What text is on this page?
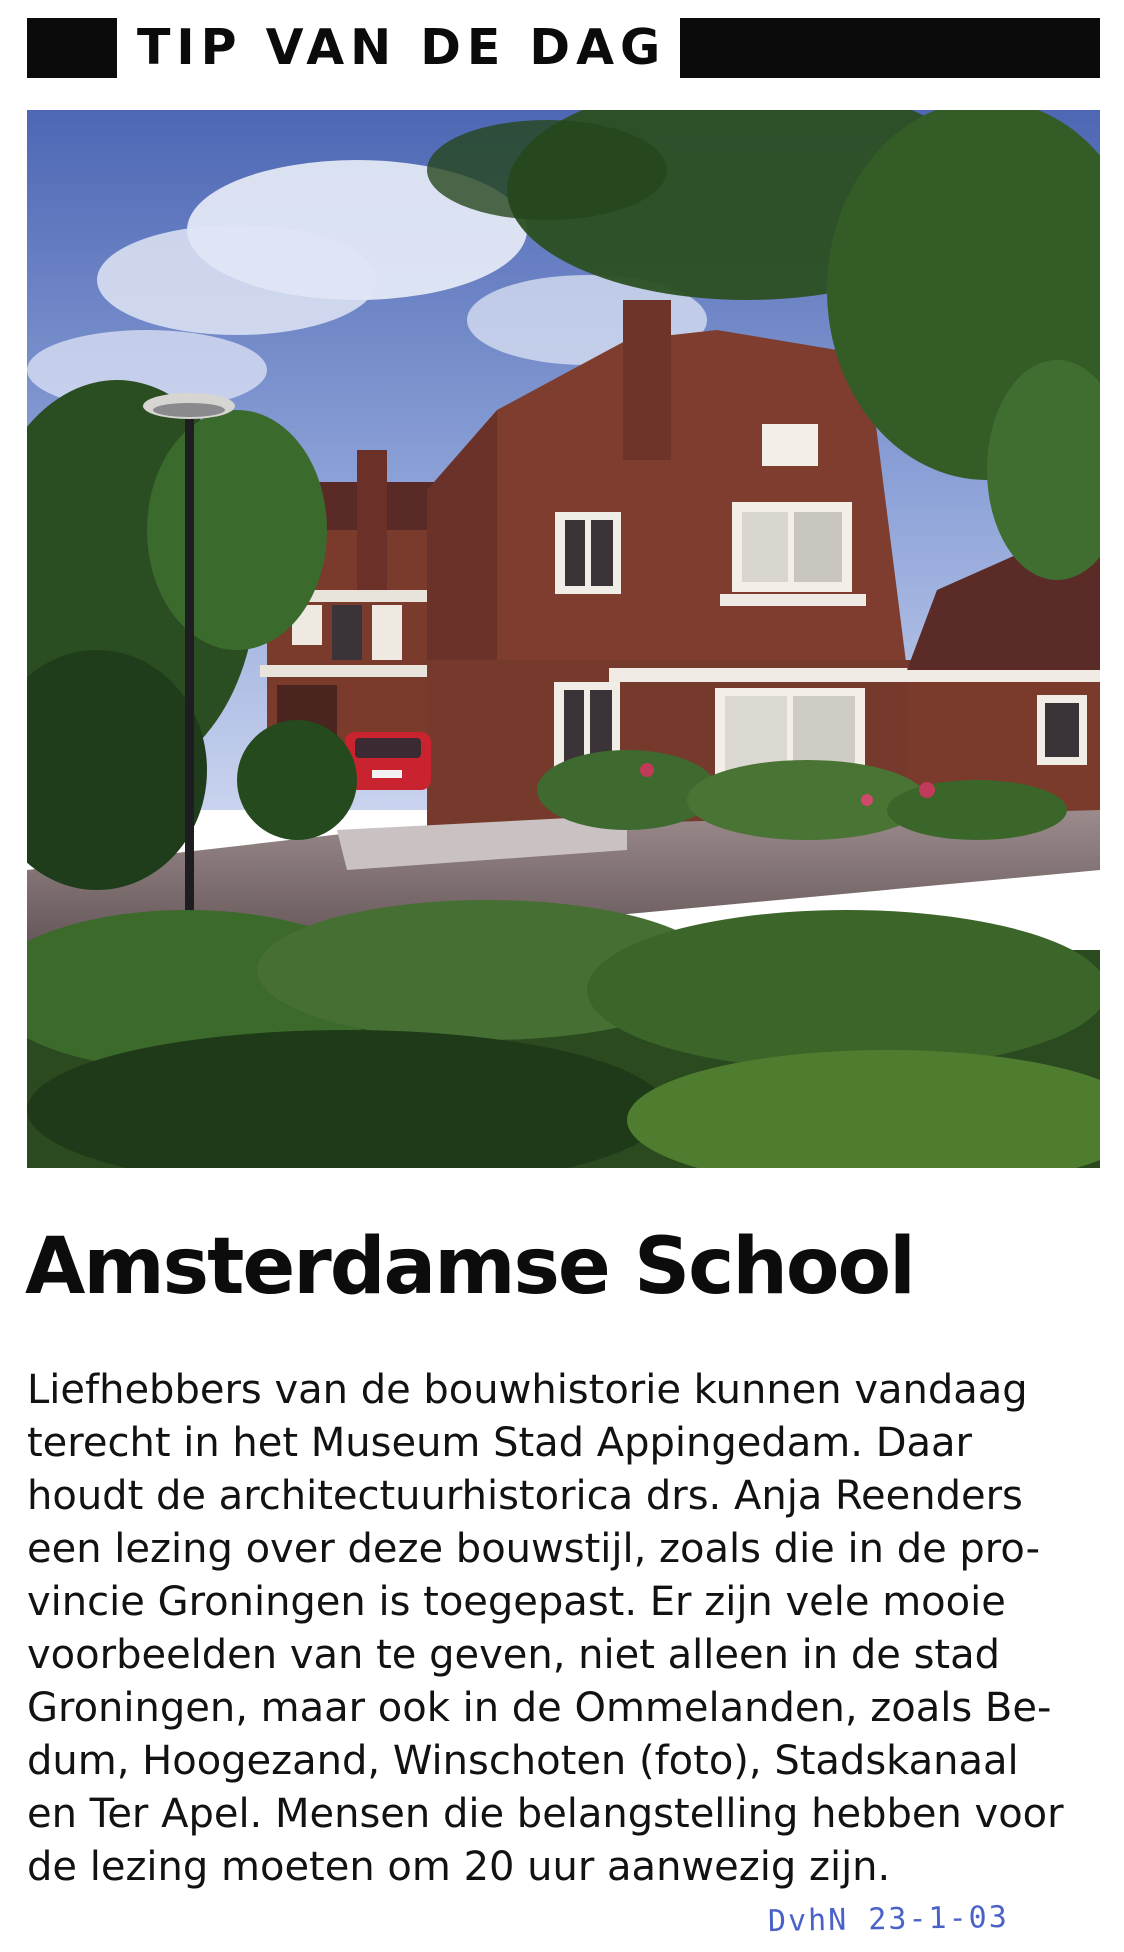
TIP VAN DE DAG
Amsterdamse School
Liefhebbers van de bouwhistorie kunnen vandaag
terecht in het Museum Stad Appingedam. Daar
houdt de architectuurhistorica drs. Anja Reenders
een lezing over deze bouwstijl, zoals die in de pro-
vincie Groningen is toegepast. Er zijn vele mooie
voorbeelden van te geven, niet alleen in de stad
Groningen, maar ook in de Ommelanden, zoals Be-
dum, Hoogezand, Winschoten (foto), Stadskanaal
en Ter Apel. Mensen die belangstelling hebben voor
de lezing moeten om 20 uur aanwezig zijn.
DvhN 23-1-03
